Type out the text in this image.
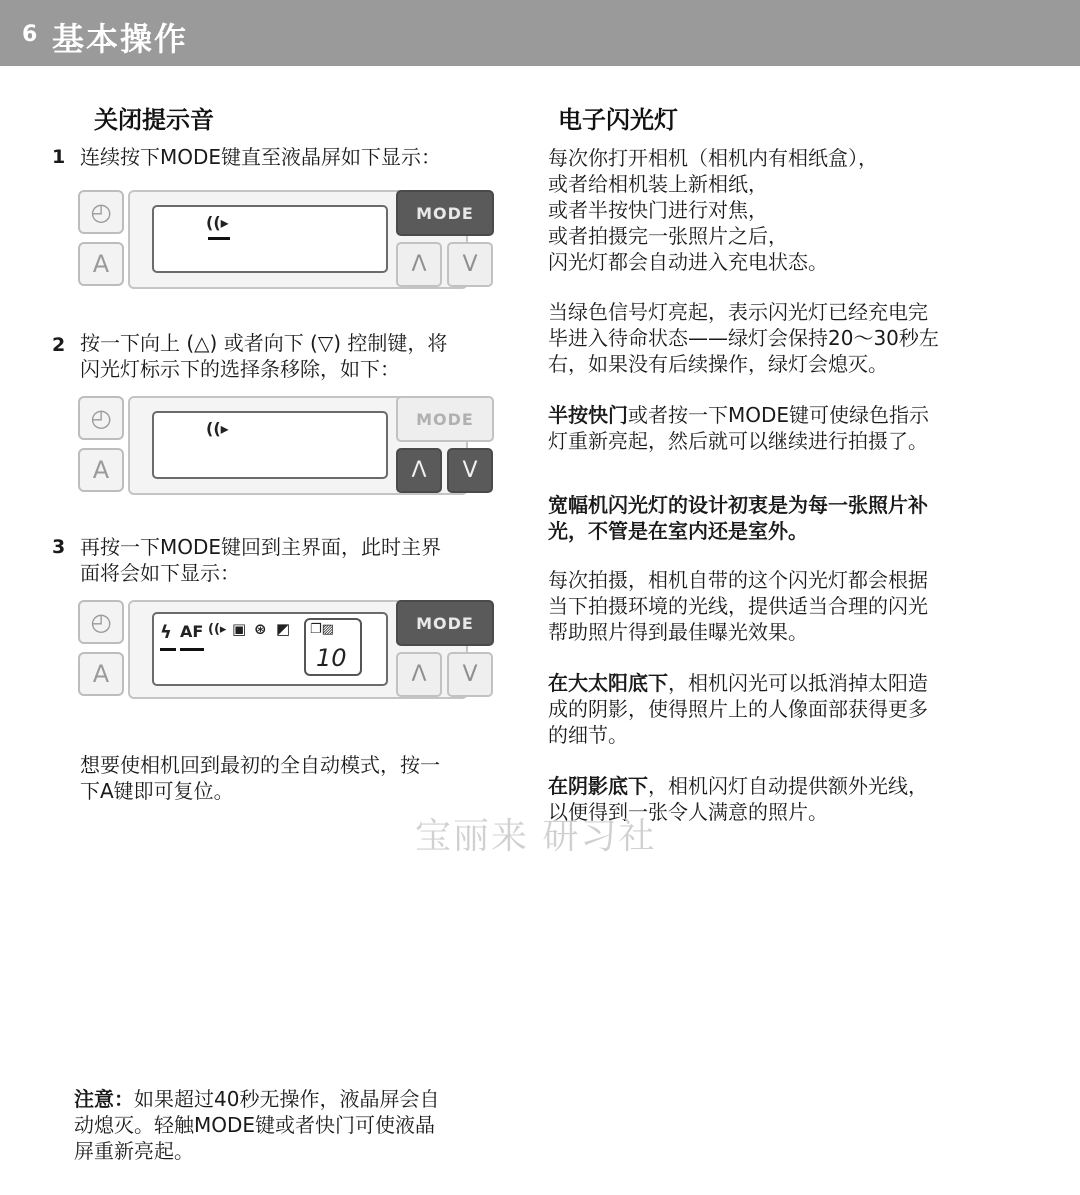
6 基本操作
关闭提示音
1 连续按下MODE键直至液晶屏如下显示：
◴
A
((▸	MODE
Λ	V
2 按一下向上 (△) 或者向下 (▽) 控制键，将
闪光灯标示下的选择条移除，如下：
◴
A
((▸	MODE
Λ	V
3 再按一下MODE键回到主界面，此时主界
面将会如下显示：
◴
A
ϟ AF ((▸ ▣ ⊛ ◩ ❐▨
10
MODE
Λ	V
想要使相机回到最初的全自动模式，按一
下A键即可复位。
注意：如果超过40秒无操作，液晶屏会自
动熄灭。轻触MODE键或者快门可使液晶
屏重新亮起。
电子闪光灯
每次你打开相机（相机内有相纸盒），
或者给相机装上新相纸，
或者半按快门进行对焦，
或者拍摄完一张照片之后，
闪光灯都会自动进入充电状态。
当绿色信号灯亮起，表示闪光灯已经充电完
毕进入待命状态——绿灯会保持20～30秒左
右，如果没有后续操作，绿灯会熄灭。
半按快门或者按一下MODE键可使绿色指示
灯重新亮起，然后就可以继续进行拍摄了。
宽幅机闪光灯的设计初衷是为每一张照片补
光，不管是在室内还是室外。
每次拍摄，相机自带的这个闪光灯都会根据
当下拍摄环境的光线，提供适当合理的闪光
帮助照片得到最佳曝光效果。
在大太阳底下，相机闪光可以抵消掉太阳造
成的阴影，使得照片上的人像面部获得更多
的细节。
在阴影底下，相机闪灯自动提供额外光线，
以便得到一张令人满意的照片。
宝丽来 研习社
